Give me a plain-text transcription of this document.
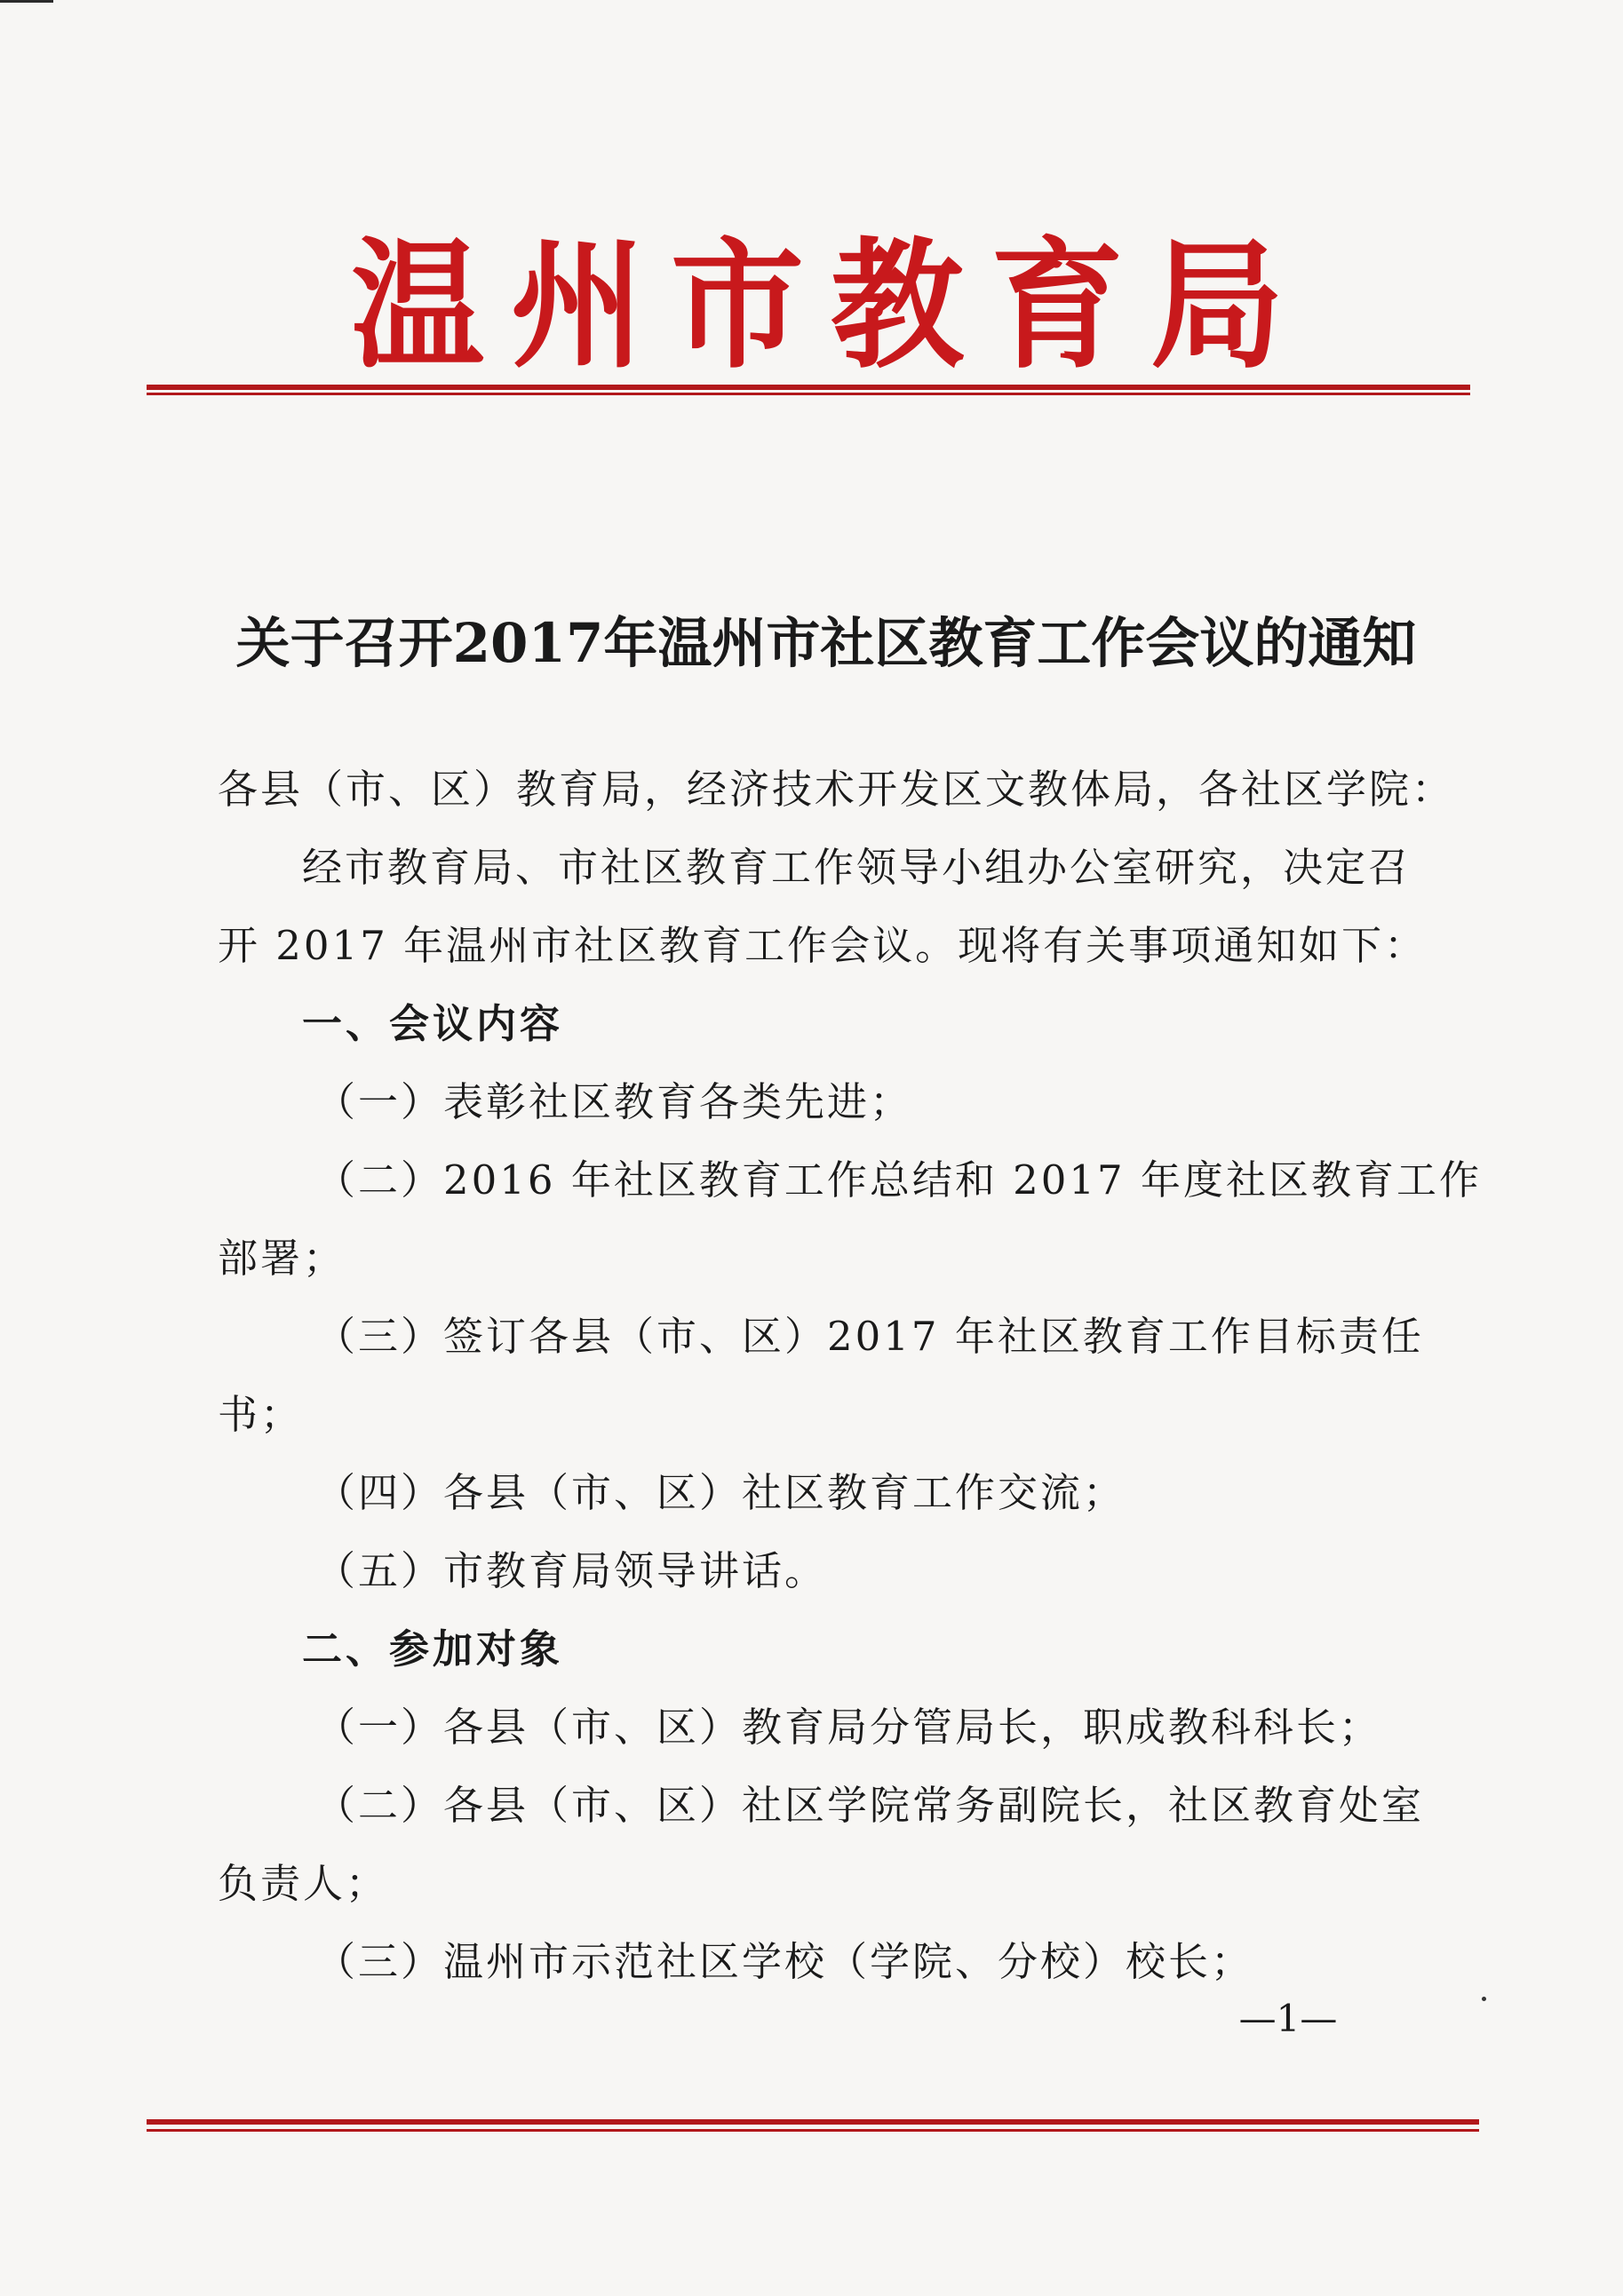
温州市教育局
关于召开2017年温州市社区教育工作会议的通知
各县（市、区）教育局，经济技术开发区文教体局，各社区学院：
经市教育局、市社区教育工作领导小组办公室研究，决定召
开 2017 年温州市社区教育工作会议。现将有关事项通知如下：
一、会议内容
（一）表彰社区教育各类先进；
（二）2016 年社区教育工作总结和 2017 年度社区教育工作
部署；
（三）签订各县（市、区）2017 年社区教育工作目标责任
书；
（四）各县（市、区）社区教育工作交流；
（五）市教育局领导讲话。
二、参加对象
（一）各县（市、区）教育局分管局长，职成教科科长；
（二）各县（市、区）社区学院常务副院长，社区教育处室
负责人；
（三）温州市示范社区学校（学院、分校）校长；
—1—
